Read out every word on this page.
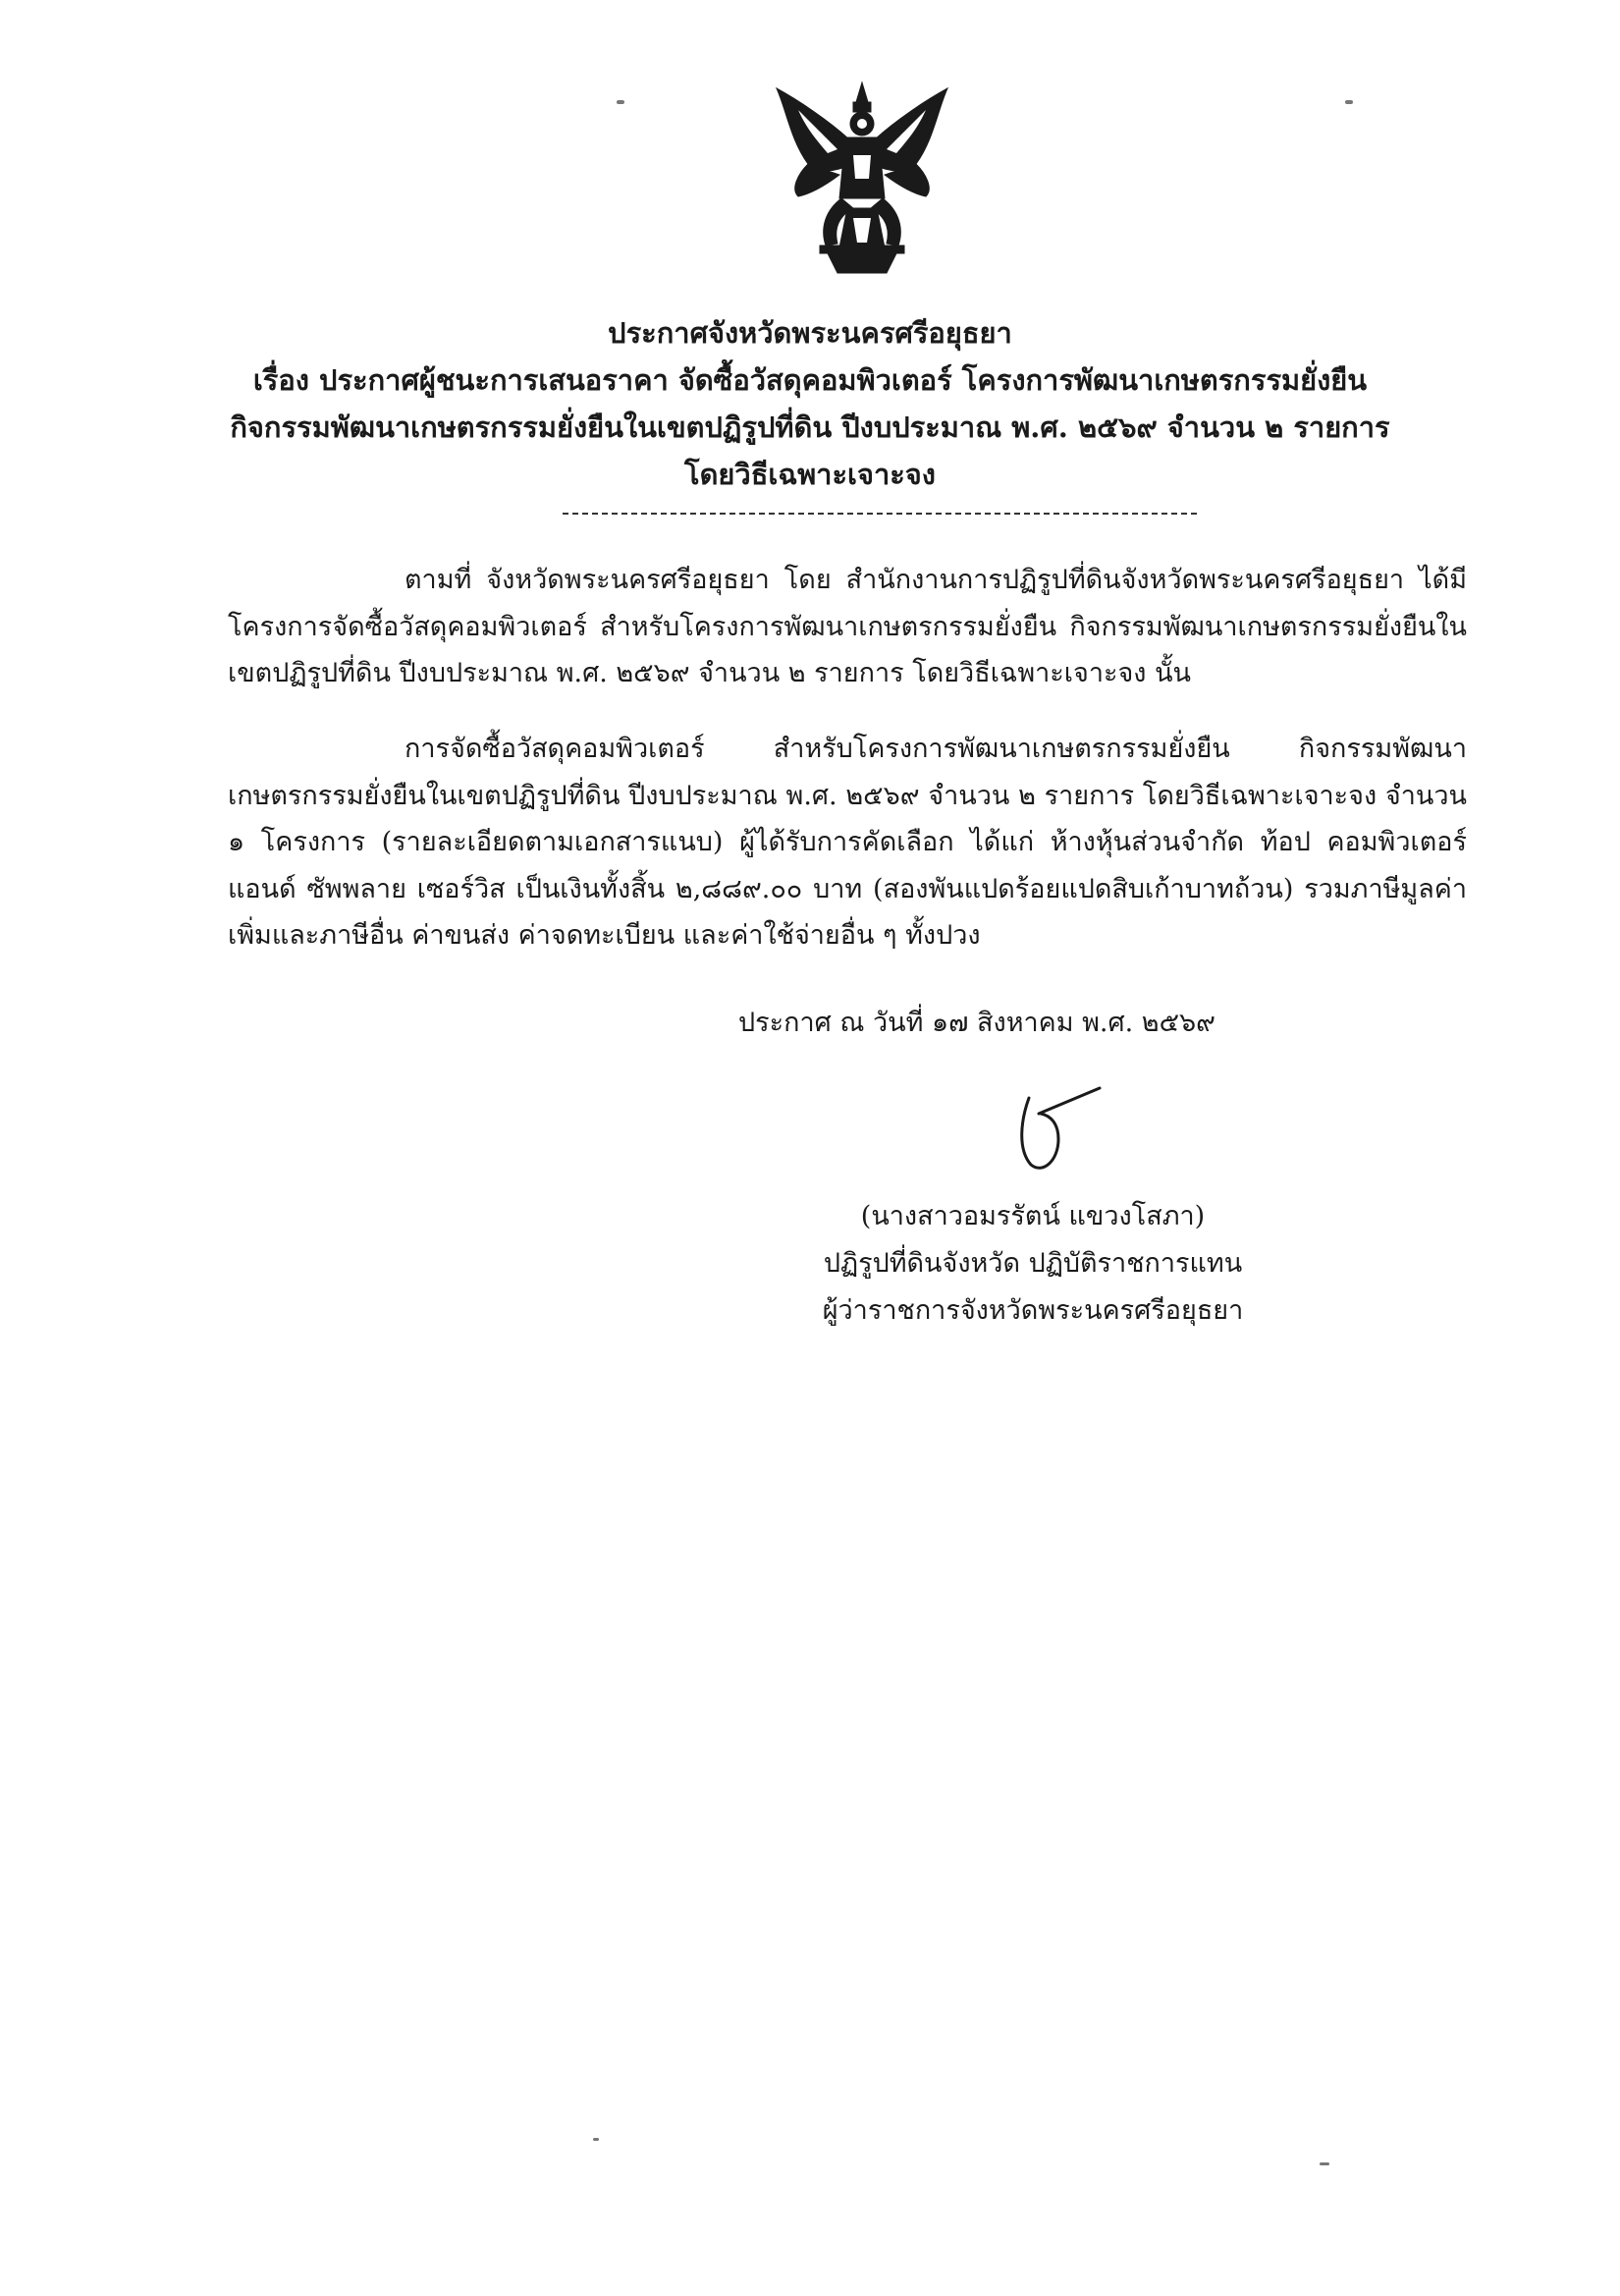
ประกาศจังหวัดพระนครศรีอยุธยา
เรื่อง ประกาศผู้ชนะการเสนอราคา จัดซื้อวัสดุคอมพิวเตอร์ โครงการพัฒนาเกษตรกรรมยั่งยืน
กิจกรรมพัฒนาเกษตรกรรมยั่งยืนในเขตปฏิรูปที่ดิน ปีงบประมาณ พ.ศ. ๒๕๖๙ จำนวน ๒ รายการ
โดยวิธีเฉพาะเจาะจง

ตามที่ จังหวัดพระนครศรีอยุธยา โดย สำนักงานการปฏิรูปที่ดินจังหวัดพระนครศรีอยุธยา ได้มีโครงการจัดซื้อวัสดุคอมพิวเตอร์ สำหรับโครงการพัฒนาเกษตรกรรมยั่งยืน กิจกรรมพัฒนาเกษตรกรรมยั่งยืนในเขตปฏิรูปที่ดิน ปีงบประมาณ พ.ศ. ๒๕๖๙ จำนวน ๒ รายการ โดยวิธีเฉพาะเจาะจง นั้น

การจัดซื้อวัสดุคอมพิวเตอร์ สำหรับโครงการพัฒนาเกษตรกรรมยั่งยืน กิจกรรมพัฒนาเกษตรกรรมยั่งยืนในเขตปฏิรูปที่ดิน ปีงบประมาณ พ.ศ. ๒๕๖๙ จำนวน ๒ รายการ โดยวิธีเฉพาะเจาะจง จำนวน ๑ โครงการ (รายละเอียดตามเอกสารแนบ) ผู้ได้รับการคัดเลือก ได้แก่ ห้างหุ้นส่วนจำกัด ท้อป คอมพิวเตอร์ แอนด์ ซัพพลาย เซอร์วิส เป็นเงินทั้งสิ้น ๒,๘๘๙.๐๐ บาท (สองพันแปดร้อยแปดสิบเก้าบาทถ้วน) รวมภาษีมูลค่าเพิ่มและภาษีอื่น ค่าขนส่ง ค่าจดทะเบียน และค่าใช้จ่ายอื่น ๆ ทั้งปวง

ประกาศ ณ วันที่ ๑๗ สิงหาคม พ.ศ. ๒๕๖๙
(นางสาวอมรรัตน์ แขวงโสภา)
ปฏิรูปที่ดินจังหวัด ปฏิบัติราชการแทน
ผู้ว่าราชการจังหวัดพระนครศรีอยุธยา
